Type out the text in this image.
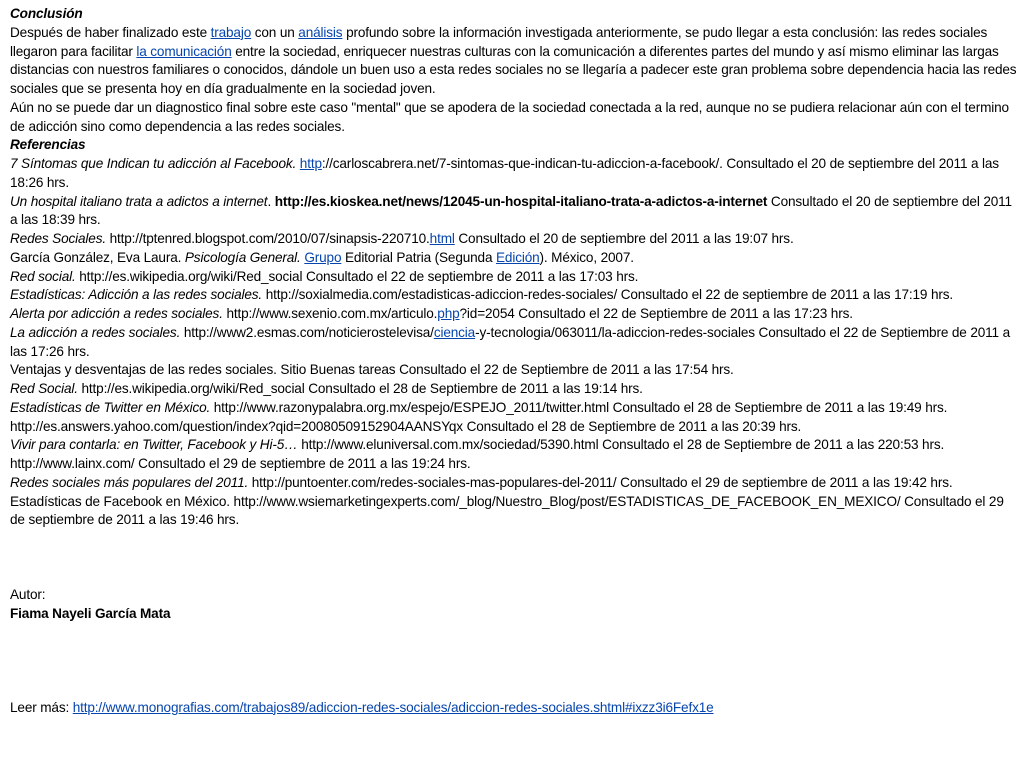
Conclusión

Después de haber finalizado este trabajo con un análisis profundo sobre la información investigada anteriormente, se pudo llegar a esta conclusión: las redes sociales llegaron para facilitar la comunicación entre la sociedad, enriquecer nuestras culturas con la comunicación a diferentes partes del mundo y así mismo eliminar las largas distancias con nuestros familiares o conocidos, dándole un buen uso a esta redes sociales no se llegaría a padecer este gran problema sobre dependencia hacia las redes sociales que se presenta hoy en día gradualmente en la sociedad joven.

Aún no se puede dar un diagnostico final sobre este caso "mental" que se apodera de la sociedad conectada a la red, aunque no se pudiera relacionar aún con el termino de adicción sino como dependencia a las redes sociales.

Referencias

7 Síntomas que Indican tu adicción al Facebook. http://carloscabrera.net/7-sintomas-que-indican-tu-adiccion-a-facebook/. Consultado el 20 de septiembre del 2011 a las 18:26 hrs.

Un hospital italiano trata a adictos a internet. http://es.kioskea.net/news/12045-un-hospital-italiano-trata-a-adictos-a-internet Consultado el 20 de septiembre del 2011 a las 18:39 hrs.

Redes Sociales. http://tptenred.blogspot.com/2010/07/sinapsis-220710.html Consultado el 20 de septiembre del 2011 a las 19:07 hrs.

García González, Eva Laura. Psicología General. Grupo Editorial Patria (Segunda Edición). México, 2007.

Red social. http://es.wikipedia.org/wiki/Red_social Consultado el 22 de septiembre de 2011 a las 17:03 hrs.

Estadísticas: Adicción a las redes sociales. http://soxialmedia.com/estadisticas-adiccion-redes-sociales/ Consultado el 22 de septiembre de 2011 a las 17:19 hrs.

Alerta por adicción a redes sociales. http://www.sexenio.com.mx/articulo.php?id=2054 Consultado el 22 de Septiembre de 2011 a las 17:23 hrs.

La adicción a redes sociales. http://www2.esmas.com/noticierostelevisa/ciencia-y-tecnologia/063011/la-adiccion-redes-sociales Consultado el 22 de Septiembre de 2011 a las 17:26 hrs.

Ventajas y desventajas de las redes sociales. Sitio Buenas tareas Consultado el 22 de Septiembre de 2011 a las 17:54 hrs.

Red Social. http://es.wikipedia.org/wiki/Red_social Consultado el 28 de Septiembre de 2011 a las 19:14 hrs.

Estadísticas de Twitter en México. http://www.razonypalabra.org.mx/espejo/ESPEJO_2011/twitter.html Consultado el 28 de Septiembre de 2011 a las 19:49 hrs.

http://es.answers.yahoo.com/question/index?qid=20080509152904AANSYqx Consultado el 28 de Septiembre de 2011 a las 20:39 hrs.

Vivir para contarla: en Twitter, Facebook y Hi-5… http://www.eluniversal.com.mx/sociedad/5390.html Consultado el 28 de Septiembre de 2011 a las 220:53 hrs.

http://www.lainx.com/ Consultado el 29 de septiembre de 2011 a las 19:24 hrs.

Redes sociales más populares del 2011. http://puntoenter.com/redes-sociales-mas-populares-del-2011/ Consultado el 29 de septiembre de 2011 a las 19:42 hrs.

Estadísticas de Facebook en México. http://www.wsiemarketingexperts.com/_blog/Nuestro_Blog/post/ESTADISTICAS_DE_FACEBOOK_EN_MEXICO/ Consultado el 29 de septiembre de 2011 a las 19:46 hrs.

Autor:

Fiama Nayeli García Mata

Leer más: http://www.monografias.com/trabajos89/adiccion-redes-sociales/adiccion-redes-sociales.shtml#ixzz3i6Fefx1e
